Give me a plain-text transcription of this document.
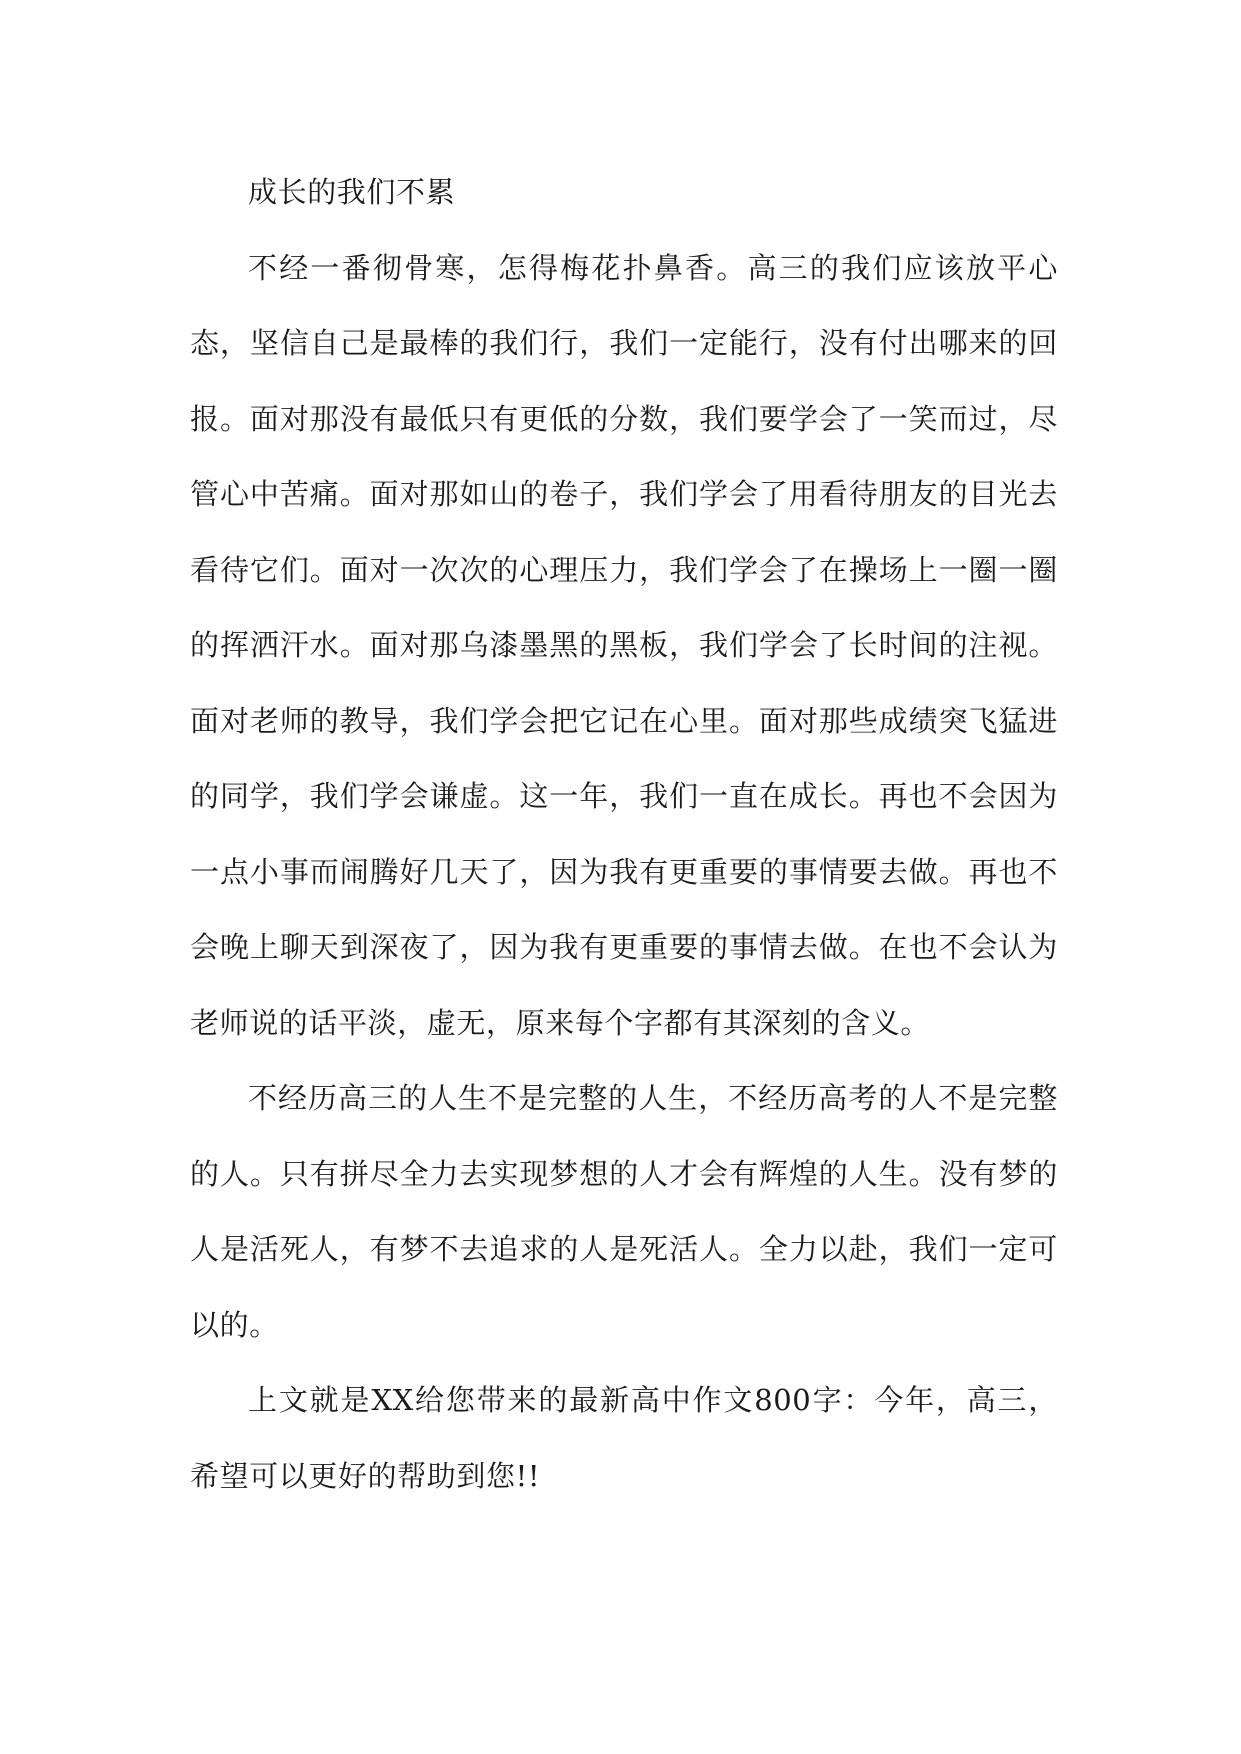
成长的我们不累

不经一番彻骨寒，怎得梅花扑鼻香。高三的我们应该放平心态，坚信自己是最棒的我们行，我们一定能行，没有付出哪来的回报。面对那没有最低只有更低的分数，我们要学会了一笑而过，尽管心中苦痛。面对那如山的卷子，我们学会了用看待朋友的目光去看待它们。面对一次次的心理压力，我们学会了在操场上一圈一圈的挥洒汗水。面对那乌漆墨黑的黑板，我们学会了长时间的注视。面对老师的教导，我们学会把它记在心里。面对那些成绩突飞猛进的同学，我们学会谦虚。这一年，我们一直在成长。再也不会因为一点小事而闹腾好几天了，因为我有更重要的事情要去做。再也不会晚上聊天到深夜了，因为我有更重要的事情去做。在也不会认为老师说的话平淡，虚无，原来每个字都有其深刻的含义。

不经历高三的人生不是完整的人生，不经历高考的人不是完整的人。只有拼尽全力去实现梦想的人才会有辉煌的人生。没有梦的人是活死人，有梦不去追求的人是死活人。全力以赴，我们一定可以的。

上文就是XX给您带来的最新高中作文800字：今年，高三，希望可以更好的帮助到您!!
